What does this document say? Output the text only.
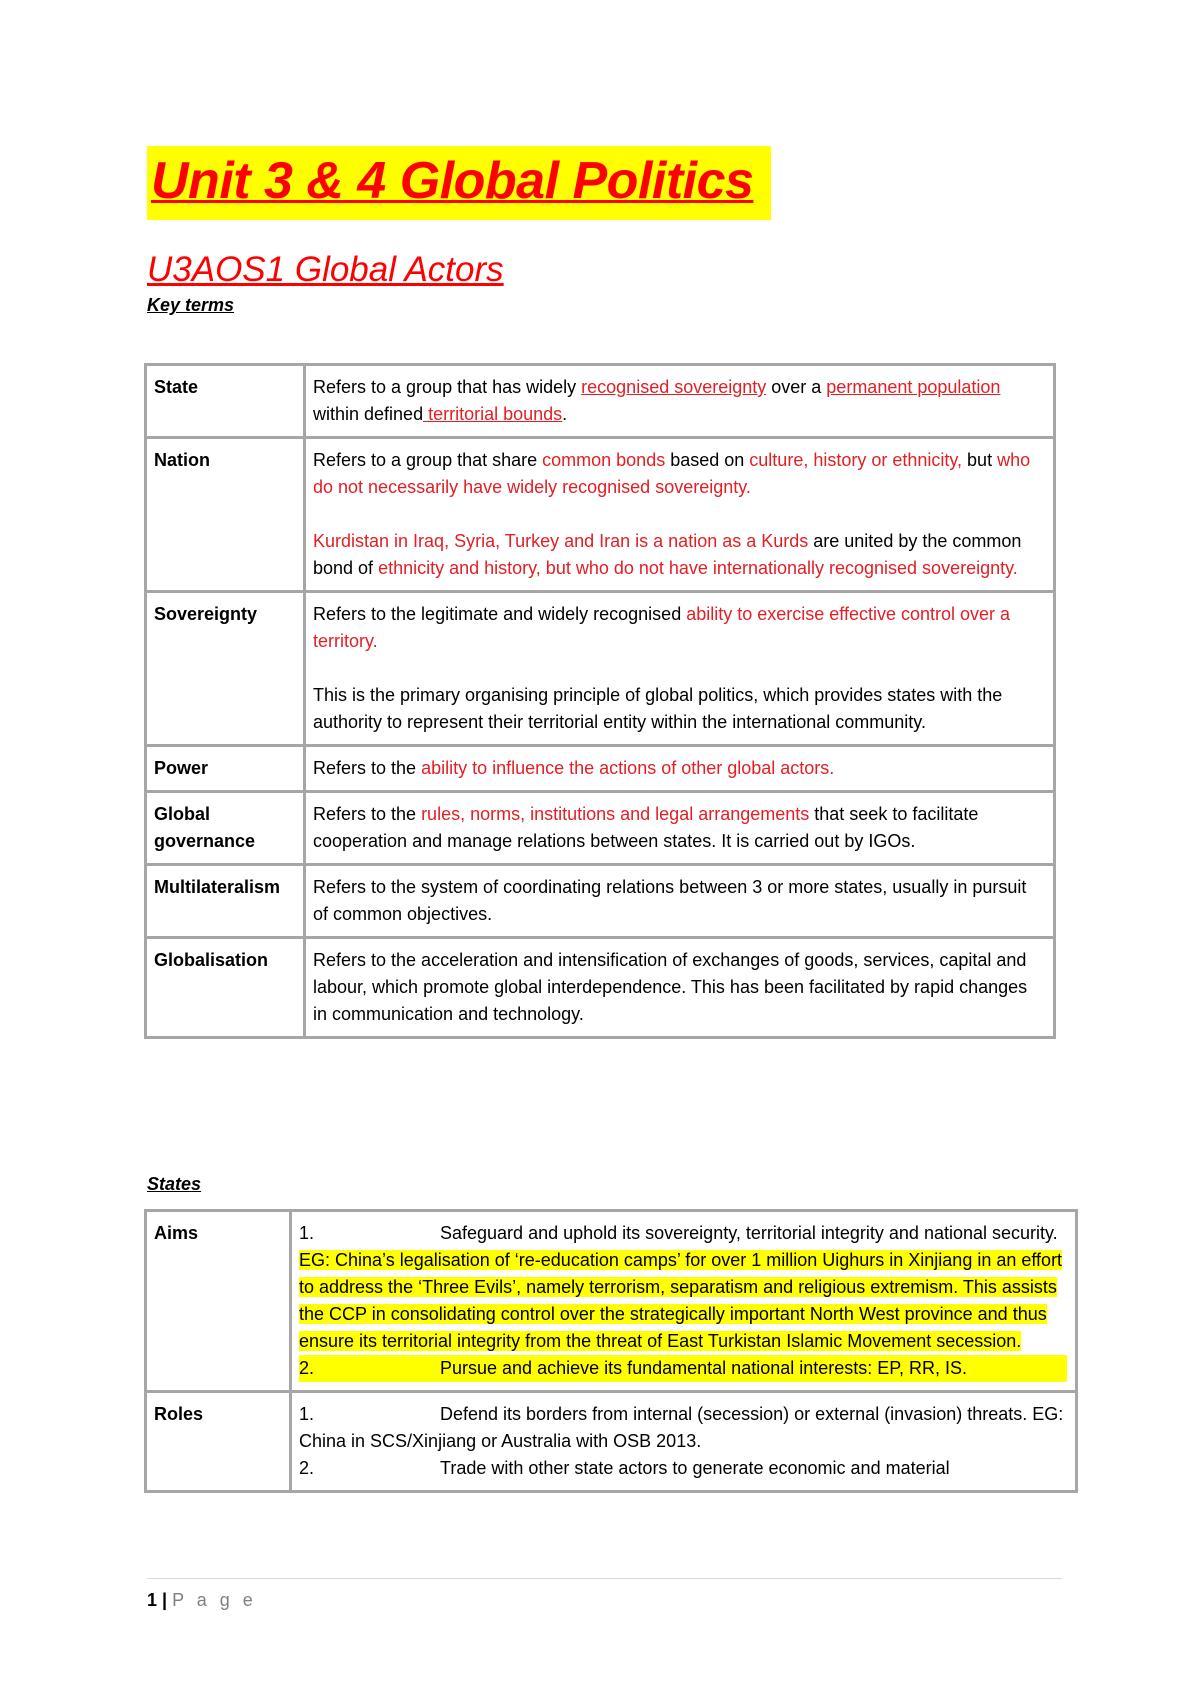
Unit 3 & 4 Global Politics
U3AOS1 Global Actors
Key terms
State	Refers to a group that has widely recognised sovereignty over a permanent population within defined territorial bounds.
Nation	Refers to a group that share common bonds based on culture, history or ethnicity, but who do not necessarily have widely recognised sovereignty.

Kurdistan in Iraq, Syria, Turkey and Iran is a nation as a Kurds are united by the common bond of ethnicity and history, but who do not have internationally recognised sovereignty.

Sovereignty	Refers to the legitimate and widely recognised ability to exercise effective control over a territory.

This is the primary organising principle of global politics, which provides states with the authority to represent their territorial entity within the international community.

Power	Refers to the ability to influence the actions of other global actors.
Global governance	Refers to the rules, norms, institutions and legal arrangements that seek to facilitate cooperation and manage relations between states. It is carried out by IGOs.
Multilateralism	Refers to the system of coordinating relations between 3 or more states, usually in pursuit of common objectives.
Globalisation	Refers to the acceleration and intensification of exchanges of goods, services, capital and labour, which promote global interdependence. This has been facilitated by rapid changes in communication and technology.
States
Aims	1. Safeguard and uphold its sovereignty, territorial integrity and national security. EG: China’s legalisation of ‘re-education camps’ for over 1 million Uighurs in Xinjiang in an effort to address the ‘Three Evils’, namely terrorism, separatism and religious extremism. This assists the CCP in consolidating control over the strategically important North West province and thus ensure its territorial integrity from the threat of East Turkistan Islamic Movement secession.
2. Pursue and achieve its fundamental national interests: EP, RR, IS.

Roles	1. Defend its borders from internal (secession) or external (invasion) threats. EG: China in SCS/Xinjiang or Australia with OSB 2013.
2. Trade with other state actors to generate economic and material
1 | P a g e
